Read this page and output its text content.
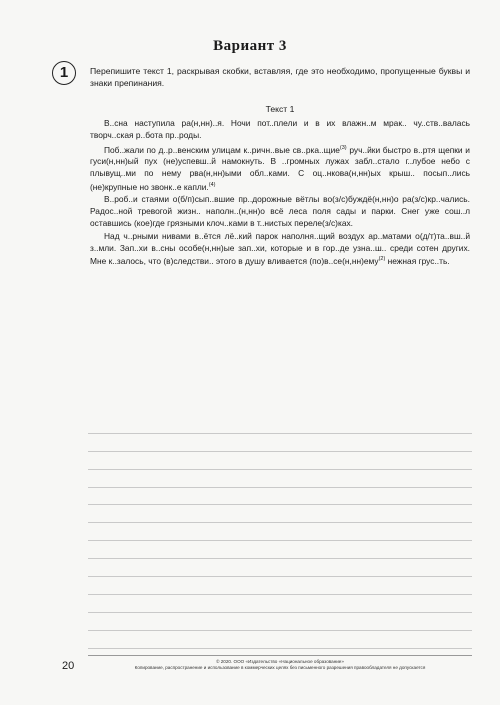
Вариант 3
1	Перепишите текст 1, раскрывая скобки, вставляя, где это необходимо, пропущенные буквы и знаки препинания.
Текст 1

В..сна наступила ра(н,нн)..я. Ночи пот..плели и в их влажн..м мрак.. чу..ств..валась творч..ская р..бота пр..роды.

Поб..жали по д..р..венским улицам к..ричн..вые св..рка..щие$^{(3)}$ руч..йки быстро в..ртя щепки и гуси(н,нн)ый пух (не)успевш..й намокнуть. В ..громных лужах забл..стало г..лубое небо с плывущ..ми по нему рва(н,нн)ыми обл..ками. С оц..нкова(н,нн)ых крыш.. посып..лись (не)крупные но звонк..е капли.$^{(4)}$

В..роб..и стаями о(б/п)сып..вшие пр..дорожные вётлы во(з/с)буждё(н,нн)о ра(з/с)кр..чались. Радос..ной тревогой жизн.. наполн..(н,нн)о всё леса поля сады и парки. Снег уже сош..л оставшись (кое)где грязными клоч..ками в т..нистых переле(з/с)ках.

Над ч..рными нивами в..ётся лё..кий парок наполня..щий воздух ар..матами о(д/т)та..вш..й з..мли. Зап..хи в..сны особе(н,нн)ые зап..хи, которые и в гор..де узна..ш.. среди сотен других. Мне к..залось, что (в)следстви.. этого в душу вливается (по)в..се(н,нн)ему$^{(2)}$ нежная грус..ть.

20	© 2020. ООО «Издательство «Национальное образование»
Копирование, распространение и использование в коммерческих целях без письменного разрешения правообладателя не допускается
